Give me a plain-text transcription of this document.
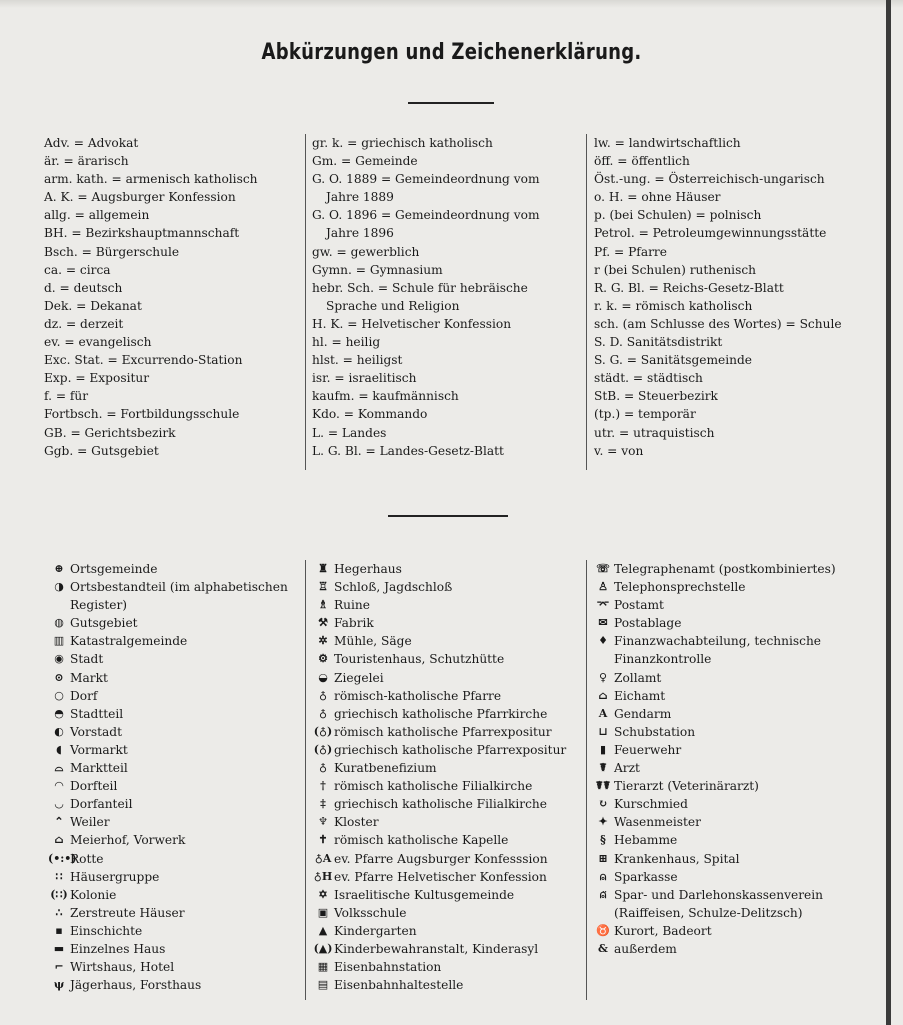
Abkürzungen und Zeichenerklärung.
Adv. = Advokat
är. = ärarisch
arm. kath. = armenisch katholisch
A. K. = Augsburger Konfession
allg. = allgemein
BH. = Bezirkshauptmannschaft
Bsch. = Bürgerschule
ca. = circa
d. = deutsch
Dek. = Dekanat
dz. = derzeit
ev. = evangelisch
Exc. Stat. = Excurrendo-Station
Exp. = Expositur
f. = für
Fortbsch. = Fortbildungsschule
GB. = Gerichtsbezirk
Ggb. = Gutsgebiet
gr. k. = griechisch katholisch
Gm. = Gemeinde
G. O. 1889 = Gemeindeordnung vom
Jahre 1889
G. O. 1896 = Gemeindeordnung vom
Jahre 1896
gw. = gewerblich
Gymn. = Gymnasium
hebr. Sch. = Schule für hebräische
Sprache und Religion
H. K. = Helvetischer Konfession
hl. = heilig
hlst. = heiligst
isr. = israelitisch
kaufm. = kaufmännisch
Kdo. = Kommando
L. = Landes
L. G. Bl. = Landes-Gesetz-Blatt
lw. = landwirtschaftlich
öff. = öffentlich
Öst.-ung. = Österreichisch-ungarisch
o. H. = ohne Häuser
p. (bei Schulen) = polnisch
Petrol. = Petroleumgewinnungsstätte
Pf. = Pfarre
r (bei Schulen) ruthenisch
R. G. Bl. = Reichs-Gesetz-Blatt
r. k. = römisch katholisch
sch. (am Schlusse des Wortes) = Schule
S. D. Sanitätsdistrikt
S. G. = Sanitätsgemeinde
städt. = städtisch
StB. = Steuerbezirk
(tp.) = temporär
utr. = utraquistisch
v. = von
⊕ Ortsgemeinde
◑ Ortsbestandteil (im alphabetischen
Register)
◍ Gutsgebiet
▥ Katastralgemeinde
◉ Stadt
⊙ Markt
○ Dorf
◓ Stadtteil
◐ Vorstadt
◖ Vormarkt
⌓ Marktteil
◠ Dorfteil
◡ Dorfanteil
⌃ Weiler
⌂ Meierhof, Vorwerk
(•:•)
Rotte
∷ Häusergruppe
(∷) Kolonie
∴ Zerstreute Häuser
▪ Einschichte
▬ Einzelnes Haus
⌐ Wirtshaus, Hotel
ψ Jägerhaus, Forsthaus
♜ Hegerhaus
♖ Schloß, Jagdschloß
♗ Ruine
⚒ Fabrik
✲ Mühle, Säge
⚙ Touristenhaus, Schutzhütte
◒ Ziegelei
♁ römisch-katholische Pfarre
♁ griechisch katholische Pfarrkirche
(♁) römisch katholische Pfarrexpositur
(♁) griechisch katholische Pfarrexpositur
♁ Kuratbenefizium
† römisch katholische Filialkirche
‡ griechisch katholische Filialkirche
♆ Kloster
✝ römisch katholische Kapelle
♁A ev. Pfarre Augsburger Konfesssion
♁H ev. Pfarre Helvetischer Konfession
✡ Israelitische Kultusgemeinde
▣ Volksschule
▲ Kindergarten
(▲) Kinderbewahranstalt, Kinderasyl
▦ Eisenbahnstation
▤ Eisenbahnhaltestelle
☏ Telegraphenamt (postkombiniertes)
♙ Telephonsprechstelle
⌤ Postamt
✉ Postablage
♦ Finanzwachabteilung, technische
Finanzkontrolle
♀ Zollamt
⌂ Eichamt
A Gendarm
⊔ Schubstation
▮ Feuerwehr
☤ Arzt
☤☤ Tierarzt (Veterinärarzt)
↻ Kurschmied
✦ Wasenmeister
§ Hebamme
⊞ Krankenhaus, Spital
⍝ Sparkasse
⍝̈ Spar- und Darlehonskassenverein
(Raiffeisen, Schulze-Delitzsch)
♉ Kurort, Badeort
& außerdem
